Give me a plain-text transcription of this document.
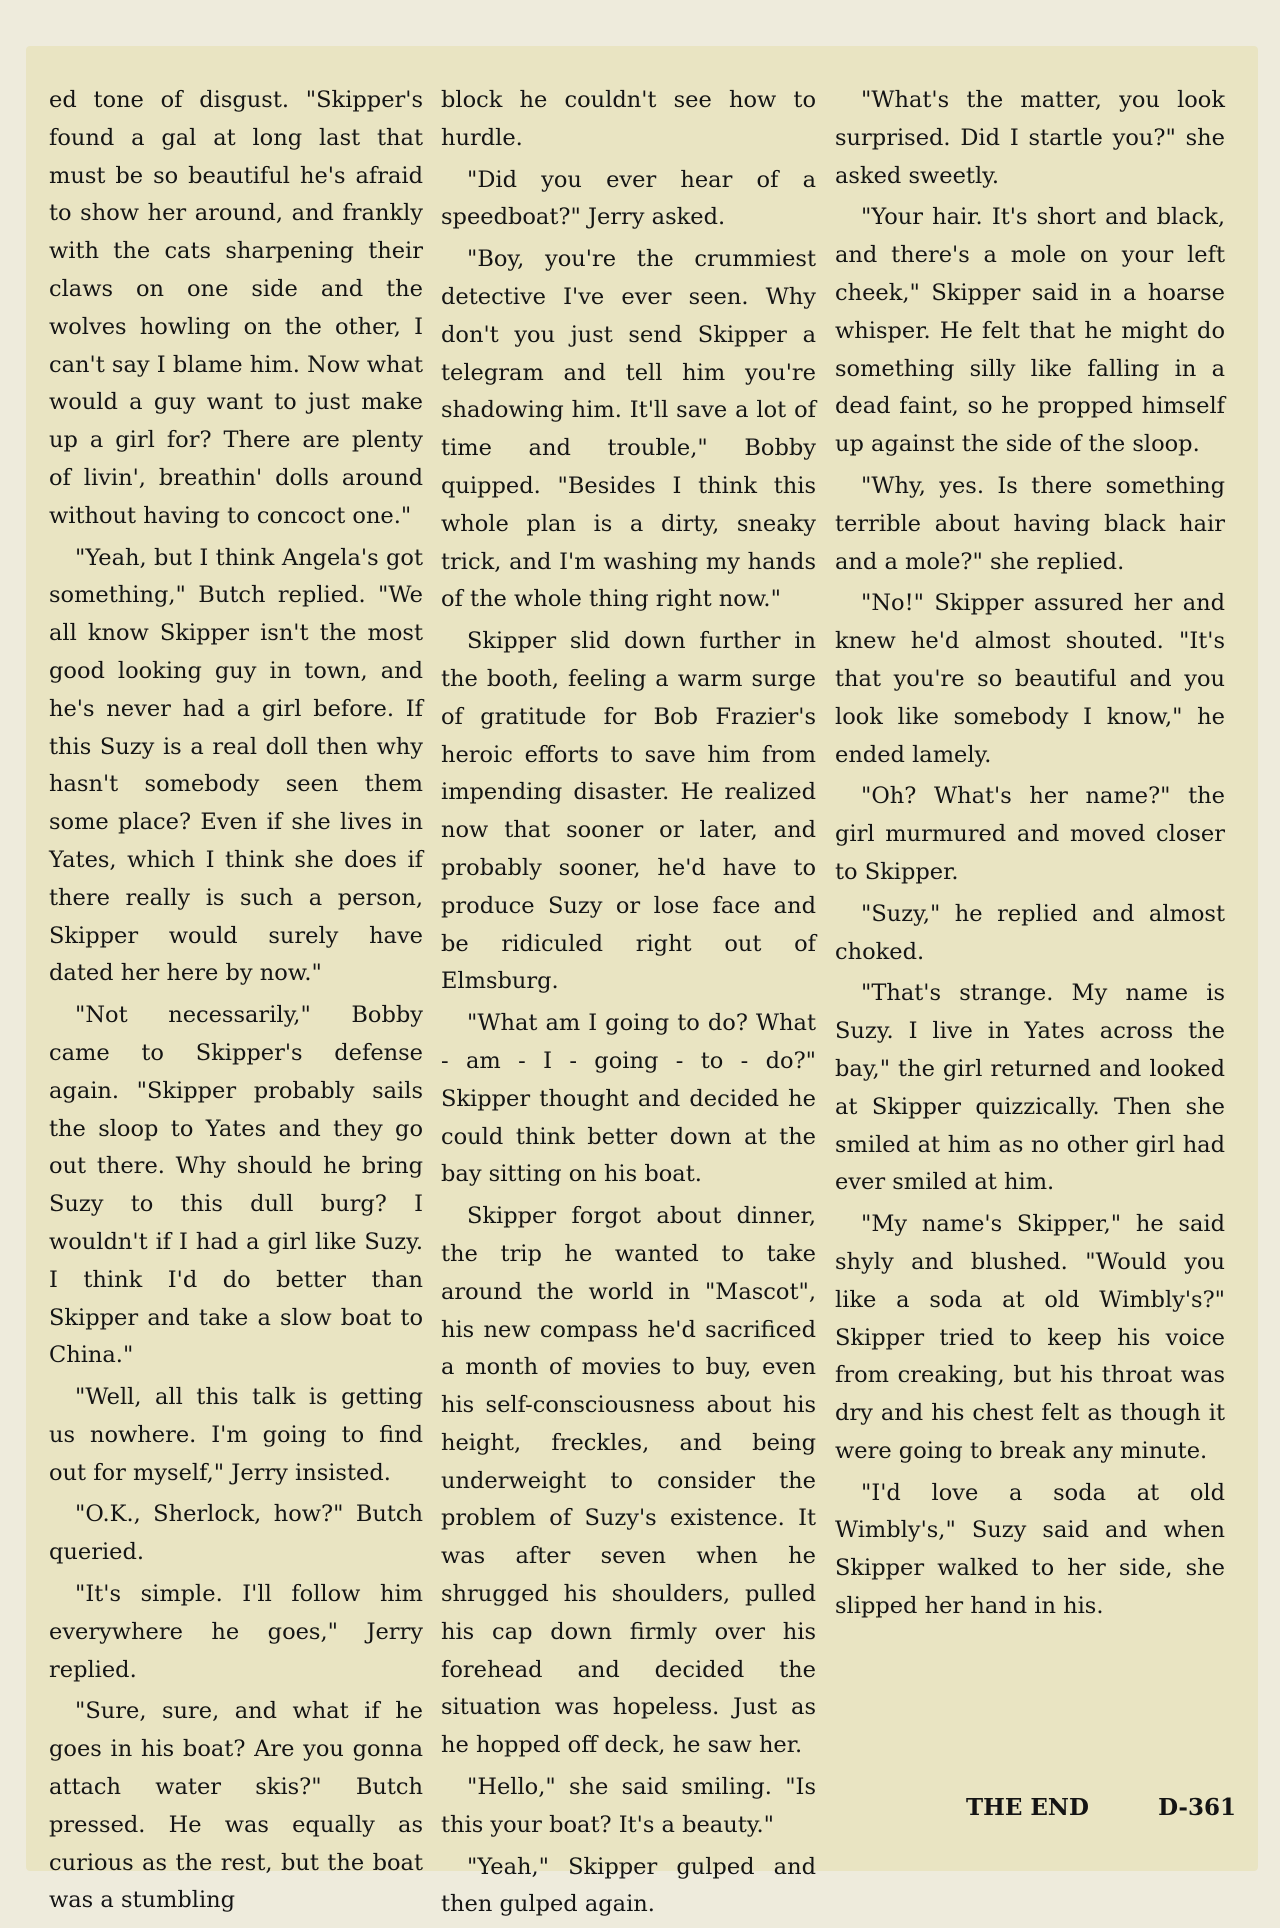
ed tone of disgust. "Skipper's found a gal at long last that must be so beautiful he's afraid to show her around, and frankly with the cats sharpening their claws on one side and the wolves howling on the other, I can't say I blame him. Now what would a guy want to just make up a girl for? There are plenty of livin', breathin' dolls around without having to concoct one."

"Yeah, but I think Angela's got something," Butch replied. "We all know Skipper isn't the most good looking guy in town, and he's never had a girl before. If this Suzy is a real doll then why hasn't somebody seen them some place? Even if she lives in Yates, which I think she does if there really is such a person, Skipper would surely have dated her here by now."

"Not necessarily," Bobby came to Skipper's defense again. "Skipper probably sails the sloop to Yates and they go out there. Why should he bring Suzy to this dull burg? I wouldn't if I had a girl like Suzy. I think I'd do better than Skipper and take a slow boat to China."

"Well, all this talk is getting us nowhere. I'm going to find out for myself," Jerry insisted.

"O.K., Sherlock, how?" Butch queried.

"It's simple. I'll follow him everywhere he goes," Jerry replied.

"Sure, sure, and what if he goes in his boat? Are you gonna attach water skis?" Butch pressed. He was equally as curious as the rest, but the boat was a stumbling

block he couldn't see how to hurdle.

"Did you ever hear of a speedboat?" Jerry asked.

"Boy, you're the crummiest detective I've ever seen. Why don't you just send Skipper a telegram and tell him you're shadowing him. It'll save a lot of time and trouble," Bobby quipped. "Besides I think this whole plan is a dirty, sneaky trick, and I'm washing my hands of the whole thing right now."

Skipper slid down further in the booth, feeling a warm surge of gratitude for Bob Frazier's heroic efforts to save him from impending disaster. He realized now that sooner or later, and probably sooner, he'd have to produce Suzy or lose face and be ridiculed right out of Elmsburg.

"What am I going to do? What - am - I - going - to - do?" Skipper thought and decided he could think better down at the bay sitting on his boat.

Skipper forgot about dinner, the trip he wanted to take around the world in "Mascot", his new compass he'd sacrificed a month of movies to buy, even his self-consciousness about his height, freckles, and being underweight to consider the problem of Suzy's existence. It was after seven when he shrugged his shoulders, pulled his cap down firmly over his forehead and decided the situation was hopeless. Just as he hopped off deck, he saw her.

"Hello," she said smiling. "Is this your boat? It's a beauty."

"Yeah," Skipper gulped and then gulped again.

"What's the matter, you look surprised. Did I startle you?" she asked sweetly.

"Your hair. It's short and black, and there's a mole on your left cheek," Skipper said in a hoarse whisper. He felt that he might do something silly like falling in a dead faint, so he propped himself up against the side of the sloop.

"Why, yes. Is there something terrible about having black hair and a mole?" she replied.

"No!" Skipper assured her and knew he'd almost shouted. "It's that you're so beautiful and you look like somebody I know," he ended lamely.

"Oh? What's her name?" the girl murmured and moved closer to Skipper.

"Suzy," he replied and almost choked.

"That's strange. My name is Suzy. I live in Yates across the bay," the girl returned and looked at Skipper quizzically. Then she smiled at him as no other girl had ever smiled at him.

"My name's Skipper," he said shyly and blushed. "Would you like a soda at old Wimbly's?" Skipper tried to keep his voice from creaking, but his throat was dry and his chest felt as though it were going to break any minute.

"I'd love a soda at old Wimbly's," Suzy said and when Skipper walked to her side, she slipped her hand in his.

THE END	D-361
